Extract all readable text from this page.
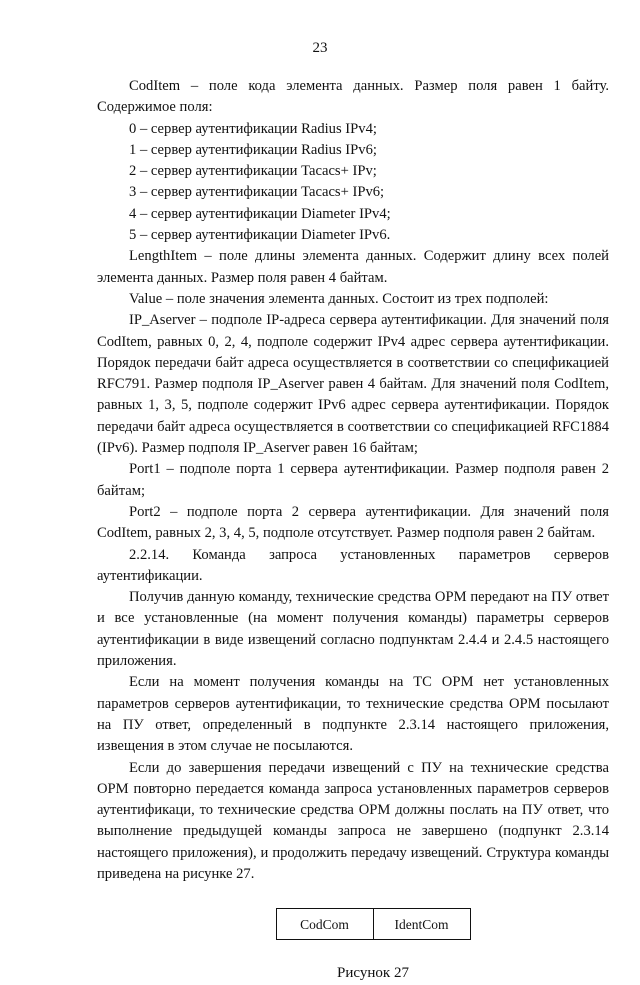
23

CodItem – поле кода элемента данных. Размер поля равен 1 байту. Содержимое поля:

0 – сервер аутентификации Radius IPv4;

1 – сервер аутентификации Radius IPv6;

2 – сервер аутентификации Tacacs+ IPv;

3 – сервер аутентификации Tacacs+ IPv6;

4 – сервер аутентификации Diameter IPv4;

5 – сервер аутентификации Diameter IPv6.

LengthItem – поле длины элемента данных. Содержит длину всех полей элемента данных. Размер поля равен 4 байтам.

Value – поле значения элемента данных. Состоит из трех подполей:

IP_Aserver – подполе IP-адреса сервера аутентификации. Для значений поля CodItem, равных 0, 2, 4, подполе содержит IPv4 адрес сервера аутентификации. Порядок передачи байт адреса осуществляется в соответствии со спецификацией RFC791. Размер подполя IP_Aserver равен 4 байтам. Для значений поля CodItem, равных 1, 3, 5, подполе содержит IPv6 адрес сервера аутентификации. Порядок передачи байт адреса осуществляется в соответствии со спецификацией RFC1884 (IPv6). Размер подполя IP_Aserver равен 16 байтам;

Port1 – подполе порта 1 сервера аутентификации. Размер подполя равен 2 байтам;

Port2 – подполе порта 2 сервера аутентификации. Для значений поля CodItem, равных 2, 3, 4, 5, подполе отсутствует. Размер подполя равен 2 байтам.

2.2.14. Команда запроса установленных параметров серверов

аутентификации.

Получив данную команду, технические средства ОРМ передают на ПУ ответ и все установленные (на момент получения команды) параметры серверов аутентификации в виде извещений согласно подпунктам 2.4.4 и 2.4.5 настоящего приложения.

Если на момент получения команды на ТС ОРМ нет установленных параметров серверов аутентификации, то технические средства ОРМ посылают на ПУ ответ, определенный в подпункте 2.3.14 настоящего приложения, извещения в этом случае не посылаются.

Если до завершения передачи извещений с ПУ на технические средства ОРМ повторно передается команда запроса установленных параметров серверов аутентификаци, то технические средства ОРМ должны послать на ПУ ответ, что выполнение предыдущей команды запроса не завершено (подпункт 2.3.14 настоящего приложения), и продолжить передачу извещений. Структура команды приведена на рисунке 27.

CodCom	IdentCom
Рисунок 27
